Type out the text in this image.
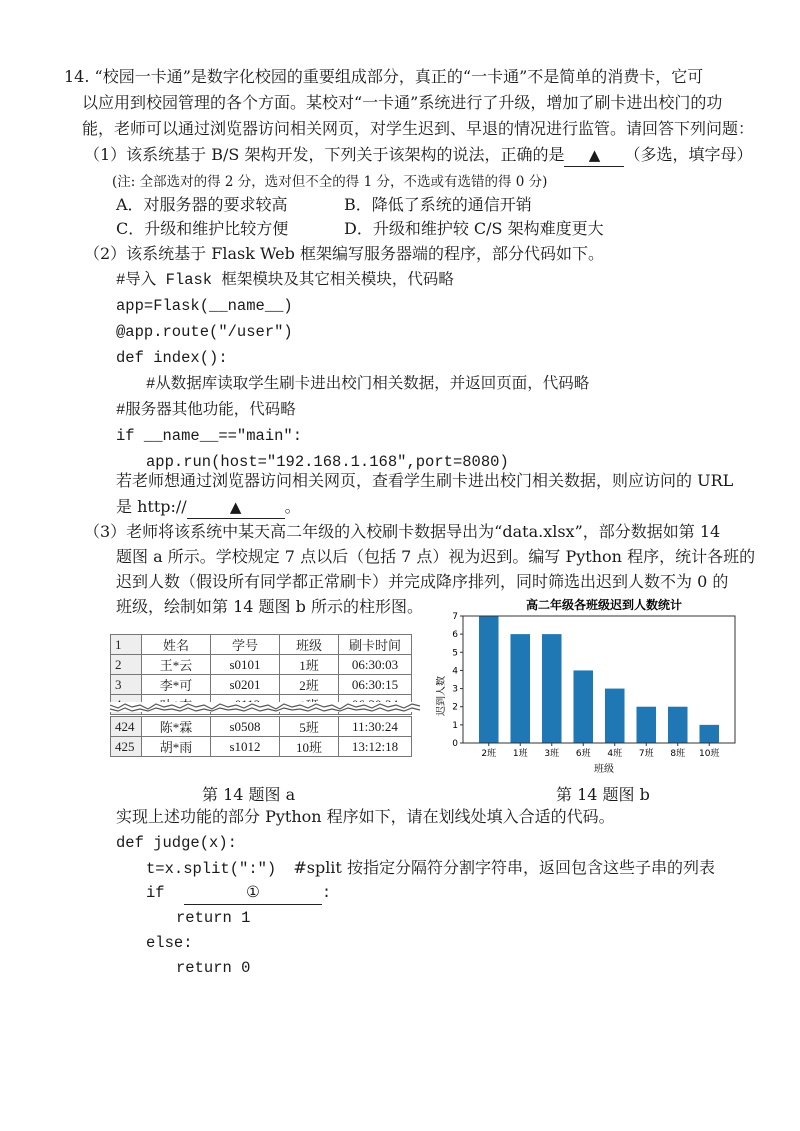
14. “校园一卡通”是数字化校园的重要组成部分，真正的“一卡通”不是简单的消费卡，它可
以应用到校园管理的各个方面。某校对“一卡通”系统进行了升级，增加了刷卡进出校门的功
能，老师可以通过浏览器访问相关网页，对学生迟到、早退的情况进行监管。请回答下列问题：
（1）该系统基于 B/S 架构开发，下列关于该架构的说法，正确的是 ▲ （多选，填字母）
(注: 全部选对的得 2 分，选对但不全的得 1 分，不选或有选错的得 0 分)
A．对服务器的要求较高	B．降低了系统的通信开销
C．升级和维护比较方便	D．升级和维护较 C/S 架构难度更大
（2）该系统基于 Flask Web 框架编写服务器端的程序，部分代码如下。
#导入 Flask 框架模块及其它相关模块，代码略
app=Flask(__name__)
@app.route("/user")
def index():
#从数据库读取学生刷卡进出校门相关数据，并返回页面，代码略
#服务器其他功能，代码略
if __name__=="main":
app.run(host="192.168.1.168",port=8080)
若老师想通过浏览器访问相关网页，查看学生刷卡进出校门相关数据，则应访问的 URL
是 http://	▲	。
（3）老师将该系统中某天高二年级的入校刷卡数据导出为“data.xlsx”，部分数据如第 14
题图 a 所示。学校规定 7 点以后（包括 7 点）视为迟到。编写 Python 程序，统计各班的
迟到人数（假设所有同学都正常刷卡）并完成降序排列，同时筛选出迟到人数不为 0 的
班级，绘制如第 14 题图 b 所示的柱形图。
1	姓名	学号	班级	刷卡时间
2	王*云	s0101	1班	06:30:03
3	李*可	s0201	2班	06:30:15

424	陈*霖	s0508	5班	11:30:24
425	胡*雨	s1012	10班	13:12:18
高二年级各班级迟到人数统计
迟到人数
班级
0
1
2
3
4
5
6
7
2班 1班 3班 6班 4班 7班 8班 10班
第 14 题图 a	第 14 题图 b
实现上述功能的部分 Python 程序如下，请在划线处填入合适的代码。
def judge(x):
t=x.split(":") #split 按指定分隔符分割字符串，返回包含这些子串的列表
if	①	:
return 1
else:
return 0
